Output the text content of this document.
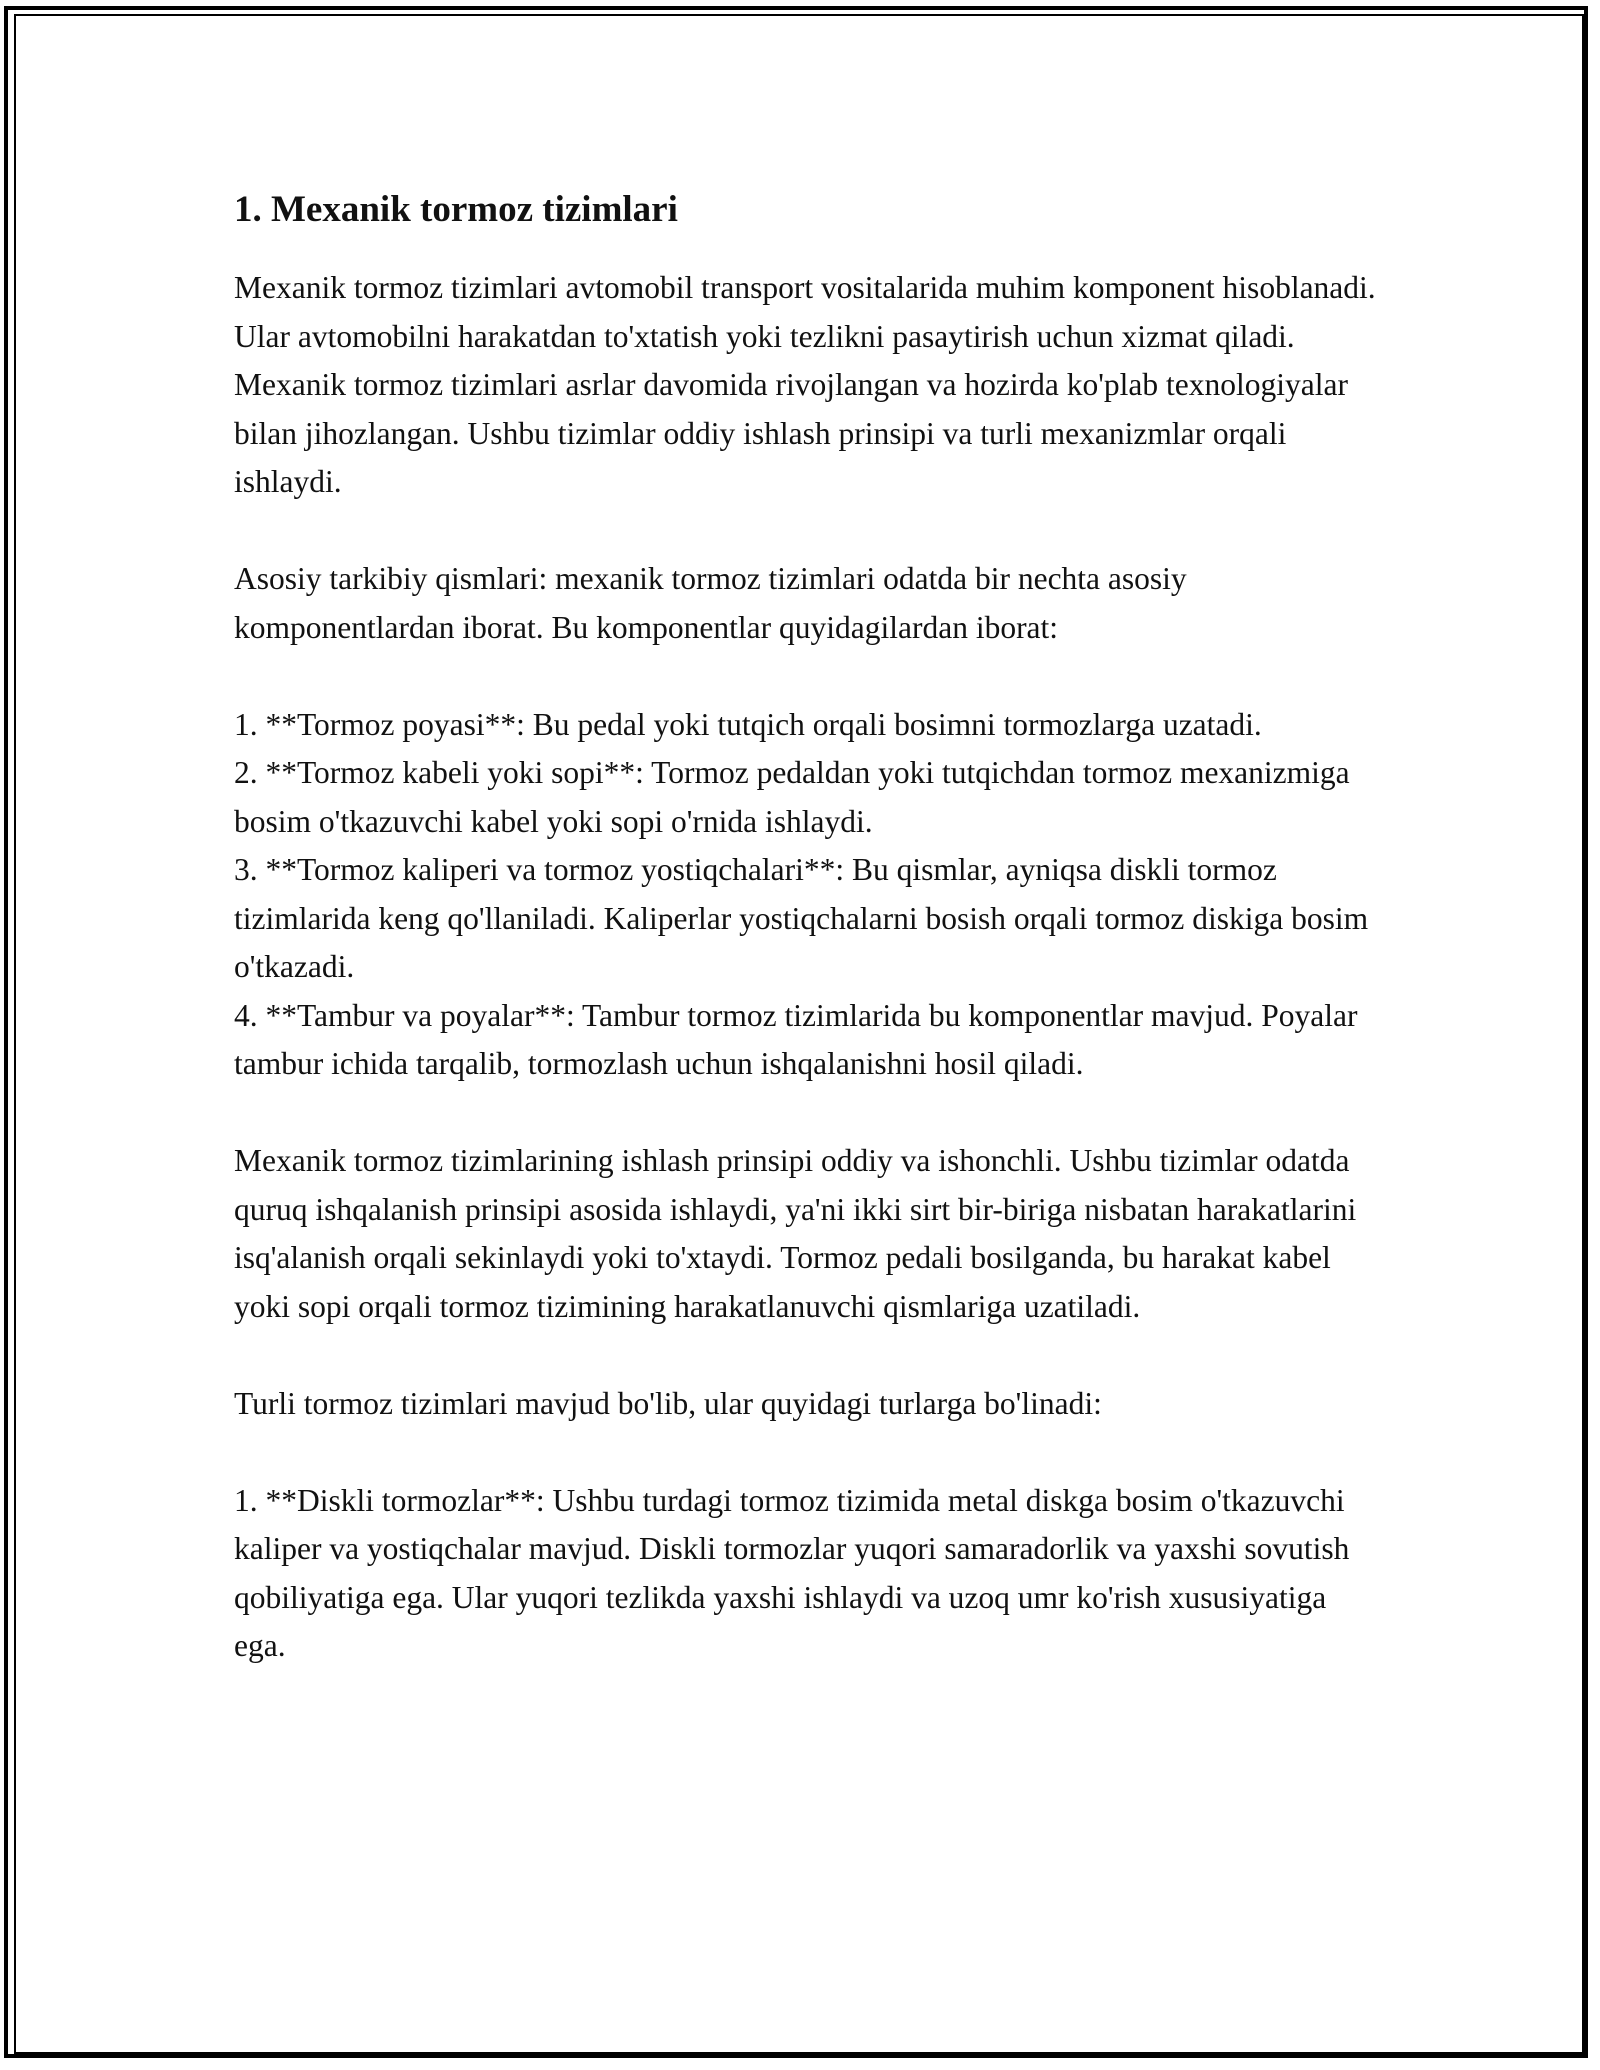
1. Mexanik tormoz tizimlari

Mexanik tormoz tizimlari avtomobil transport vositalarida muhim komponent hisoblanadi. Ular avtomobilni harakatdan to'xtatish yoki tezlikni pasaytirish uchun xizmat qiladi. Mexanik tormoz tizimlari asrlar davomida rivojlangan va hozirda ko'plab texnologiyalar bilan jihozlangan. Ushbu tizimlar oddiy ishlash prinsipi va turli mexanizmlar orqali ishlaydi.

Asosiy tarkibiy qismlari: mexanik tormoz tizimlari odatda bir nechta asosiy komponentlardan iborat. Bu komponentlar quyidagilardan iborat:

1. **Tormoz poyasi**: Bu pedal yoki tutqich orqali bosimni tormozlarga uzatadi.

2. **Tormoz kabeli yoki sopi**: Tormoz pedaldan yoki tutqichdan tormoz mexanizmiga bosim o'tkazuvchi kabel yoki sopi o'rnida ishlaydi.

3. **Tormoz kaliperi va tormoz yostiqchalari**: Bu qismlar, ayniqsa diskli tormoz tizimlarida keng qo'llaniladi. Kaliperlar yostiqchalarni bosish orqali tormoz diskiga bosim o'tkazadi.

4. **Tambur va poyalar**: Tambur tormoz tizimlarida bu komponentlar mavjud. Poyalar tambur ichida tarqalib, tormozlash uchun ishqalanishni hosil qiladi.

Mexanik tormoz tizimlarining ishlash prinsipi oddiy va ishonchli. Ushbu tizimlar odatda quruq ishqalanish prinsipi asosida ishlaydi, ya'ni ikki sirt bir-biriga nisbatan harakatlarini isq'alanish orqali sekinlaydi yoki to'xtaydi. Tormoz pedali bosilganda, bu harakat kabel yoki sopi orqali tormoz tizimining harakatlanuvchi qismlariga uzatiladi.

Turli tormoz tizimlari mavjud bo'lib, ular quyidagi turlarga bo'linadi:

1. **Diskli tormozlar**: Ushbu turdagi tormoz tizimida metal diskga bosim o'tkazuvchi kaliper va yostiqchalar mavjud. Diskli tormozlar yuqori samaradorlik va yaxshi sovutish qobiliyatiga ega. Ular yuqori tezlikda yaxshi ishlaydi va uzoq umr ko'rish xususiyatiga ega.
